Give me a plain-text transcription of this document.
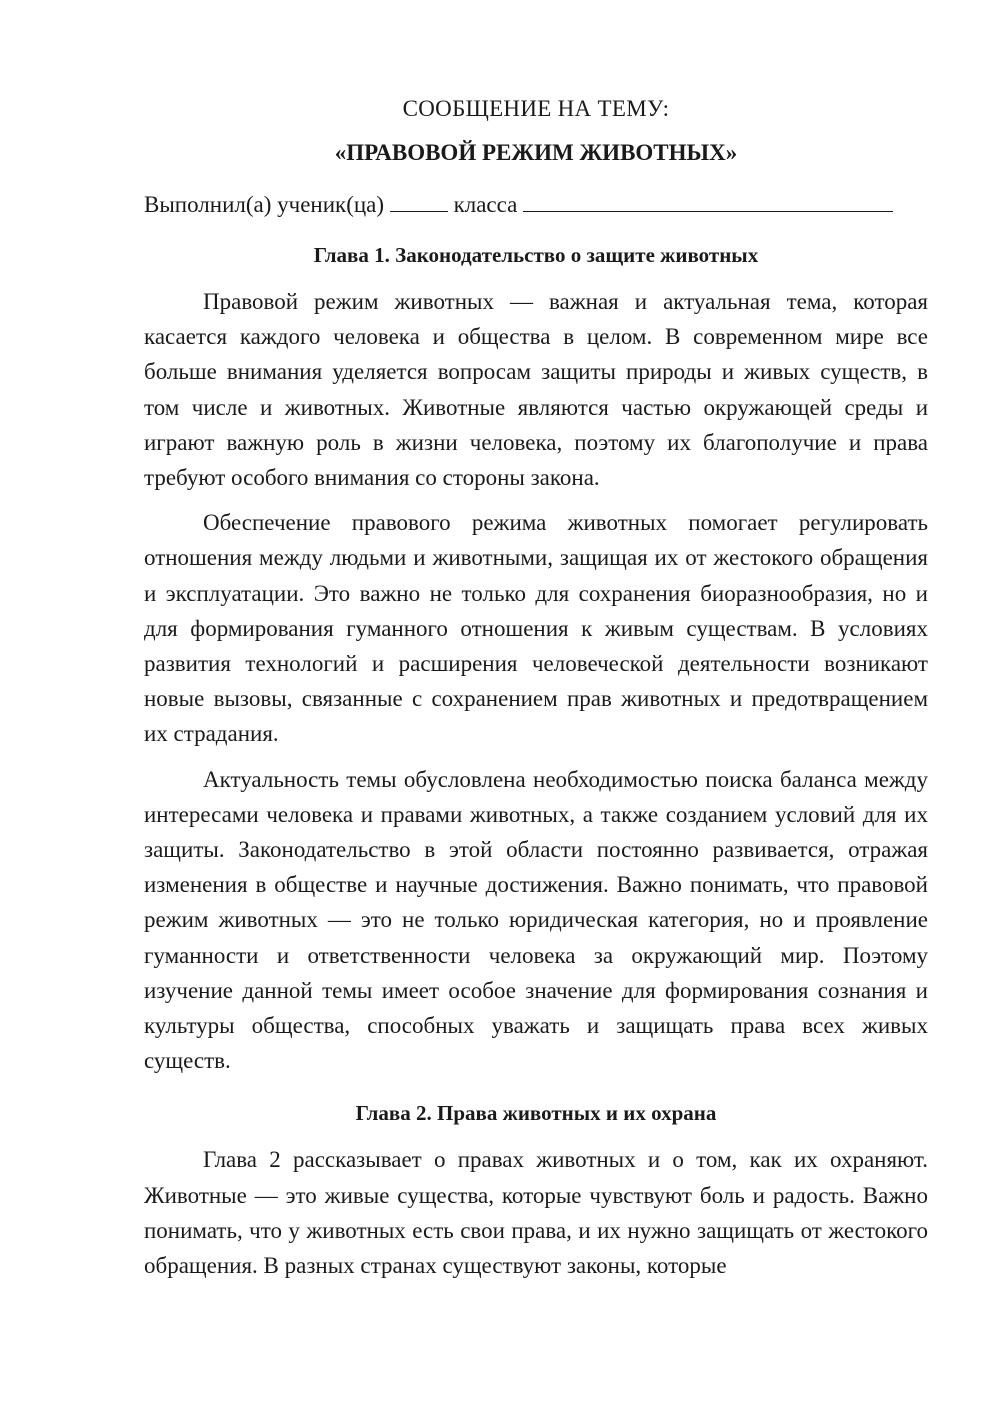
СООБЩЕНИЕ НА ТЕМУ:

«ПРАВОВОЙ РЕЖИМ ЖИВОТНЫХ»

Выполнил(а) ученик(ца)	класса

Глава 1. Законодательство о защите животных

Правовой режим животных — важная и актуальная тема, которая касается каждого человека и общества в целом. В современном мире все больше внимания уделяется вопросам защиты природы и живых существ, в том числе и животных. Животные являются частью окружающей среды и играют важную роль в жизни человека, поэтому их благополучие и права требуют особого внимания со стороны закона.

Обеспечение правового режима животных помогает регулировать отношения между людьми и животными, защищая их от жестокого обращения и эксплуатации. Это важно не только для сохранения биоразнообразия, но и для формирования гуманного отношения к живым существам. В условиях развития технологий и расширения человеческой деятельности возникают новые вызовы, связанные с сохранением прав животных и предотвращением их страдания.

Актуальность темы обусловлена необходимостью поиска баланса между интересами человека и правами животных, а также созданием условий для их защиты. Законодательство в этой области постоянно развивается, отражая изменения в обществе и научные достижения. Важно понимать, что правовой режим животных — это не только юридическая категория, но и проявление гуманности и ответственности человека за окружающий мир. Поэтому изучение данной темы имеет особое значение для формирования сознания и культуры общества, способных уважать и защищать права всех живых существ.

Глава 2. Права животных и их охрана

Глава 2 рассказывает о правах животных и о том, как их охраняют. Животные — это живые существа, которые чувствуют боль и радость. Важно понимать, что у животных есть свои права, и их нужно защищать от жестокого обращения. В разных странах существуют законы, которые
